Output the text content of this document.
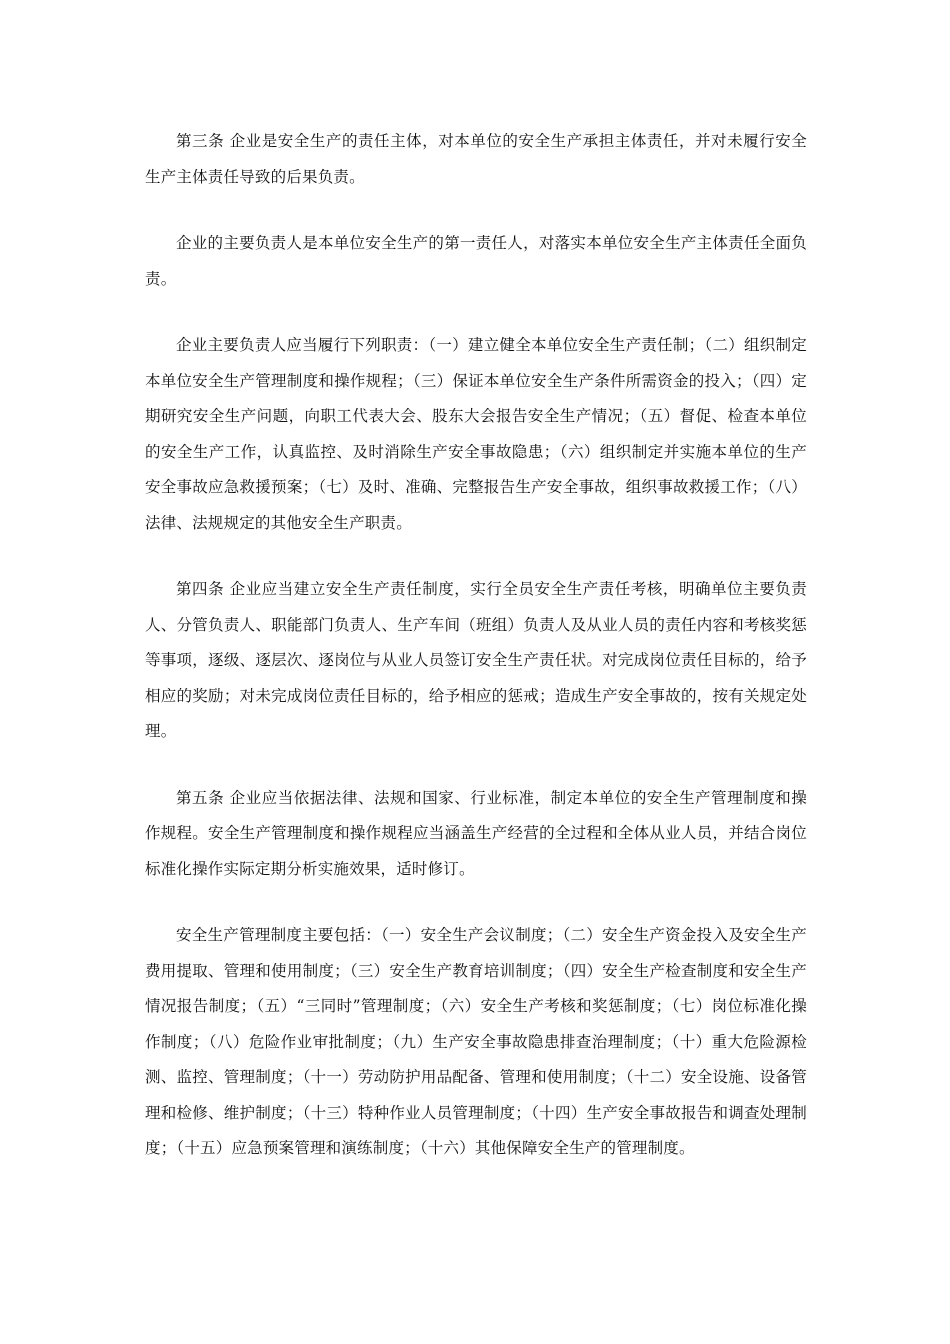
第三条 企业是安全生产的责任主体，对本单位的安全生产承担主体责任，并对未履行安全生产主体责任导致的后果负责。

企业的主要负责人是本单位安全生产的第一责任人，对落实本单位安全生产主体责任全面负责。

企业主要负责人应当履行下列职责：（一）建立健全本单位安全生产责任制；（二）组织制定本单位安全生产管理制度和操作规程；（三）保证本单位安全生产条件所需资金的投入；（四）定期研究安全生产问题，向职工代表大会、股东大会报告安全生产情况；（五）督促、检查本单位的安全生产工作，认真监控、及时消除生产安全事故隐患；（六）组织制定并实施本单位的生产安全事故应急救援预案；（七）及时、准确、完整报告生产安全事故，组织事故救援工作；（八）法律、法规规定的其他安全生产职责。

第四条 企业应当建立安全生产责任制度，实行全员安全生产责任考核，明确单位主要负责人、分管负责人、职能部门负责人、生产车间（班组）负责人及从业人员的责任内容和考核奖惩等事项，逐级、逐层次、逐岗位与从业人员签订安全生产责任状。对完成岗位责任目标的，给予相应的奖励；对未完成岗位责任目标的，给予相应的惩戒；造成生产安全事故的，按有关规定处理。

第五条 企业应当依据法律、法规和国家、行业标准，制定本单位的安全生产管理制度和操作规程。安全生产管理制度和操作规程应当涵盖生产经营的全过程和全体从业人员，并结合岗位标准化操作实际定期分析实施效果，适时修订。

安全生产管理制度主要包括：（一）安全生产会议制度；（二）安全生产资金投入及安全生产费用提取、管理和使用制度；（三）安全生产教育培训制度；（四）安全生产检查制度和安全生产情况报告制度；（五）“三同时”管理制度；（六）安全生产考核和奖惩制度；（七）岗位标准化操作制度；（八）危险作业审批制度；（九）生产安全事故隐患排查治理制度；（十）重大危险源检测、监控、管理制度；（十一）劳动防护用品配备、管理和使用制度；（十二）安全设施、设备管理和检修、维护制度；（十三）特种作业人员管理制度；（十四）生产安全事故报告和调查处理制度；（十五）应急预案管理和演练制度；（十六）其他保障安全生产的管理制度。
